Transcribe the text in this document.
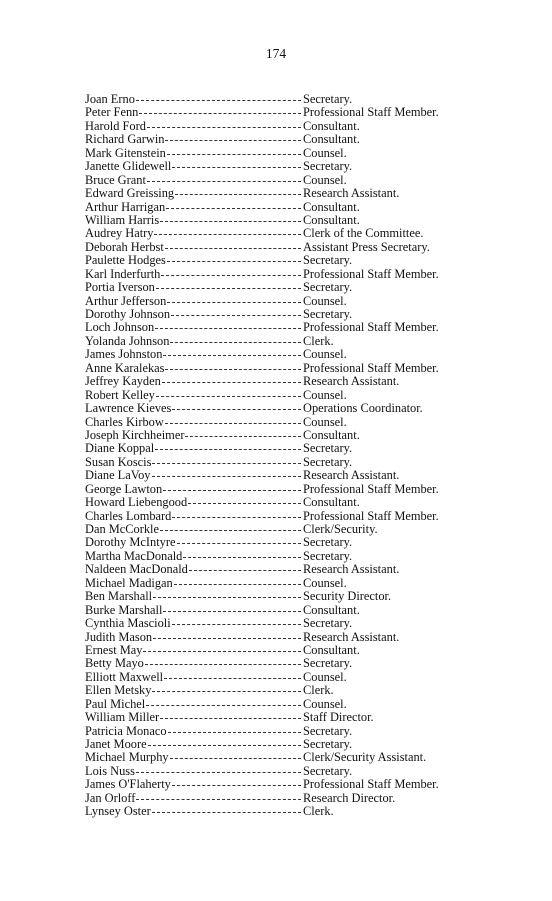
174
Joan Erno	Secretary.
Peter Fenn	Professional Staff Member.
Harold Ford	Consultant.
Richard Garwin	Consultant.
Mark Gitenstein	Counsel.
Janette Glidewell	Secretary.
Bruce Grant	Counsel.
Edward Greissing	Research Assistant.
Arthur Harrigan	Consultant.
William Harris	Consultant.
Audrey Hatry	Clerk of the Committee.
Deborah Herbst	Assistant Press Secretary.
Paulette Hodges	Secretary.
Karl Inderfurth	Professional Staff Member.
Portia Iverson	Secretary.
Arthur Jefferson	Counsel.
Dorothy Johnson	Secretary.
Loch Johnson	Professional Staff Member.
Yolanda Johnson	Clerk.
James Johnston	Counsel.
Anne Karalekas	Professional Staff Member.
Jeffrey Kayden	Research Assistant.
Robert Kelley	Counsel.
Lawrence Kieves	Operations Coordinator.
Charles Kirbow	Counsel.
Joseph Kirchheimer	Consultant.
Diane Koppal	Secretary.
Susan Koscis	Secretary.
Diane LaVoy	Research Assistant.
George Lawton	Professional Staff Member.
Howard Liebengood	Consultant.
Charles Lombard	Professional Staff Member.
Dan McCorkle	Clerk/Security.
Dorothy McIntyre	Secretary.
Martha MacDonald	Secretary.
Naldeen MacDonald	Research Assistant.
Michael Madigan	Counsel.
Ben Marshall	Security Director.
Burke Marshall	Consultant.
Cynthia Mascioli	Secretary.
Judith Mason	Research Assistant.
Ernest May	Consultant.
Betty Mayo	Secretary.
Elliott Maxwell	Counsel.
Ellen Metsky	Clerk.
Paul Michel	Counsel.
William Miller	Staff Director.
Patricia Monaco	Secretary.
Janet Moore	Secretary.
Michael Murphy	Clerk/Security Assistant.
Lois Nuss	Secretary.
James O'Flaherty	Professional Staff Member.
Jan Orloff	Research Director.
Lynsey Oster	Clerk.
